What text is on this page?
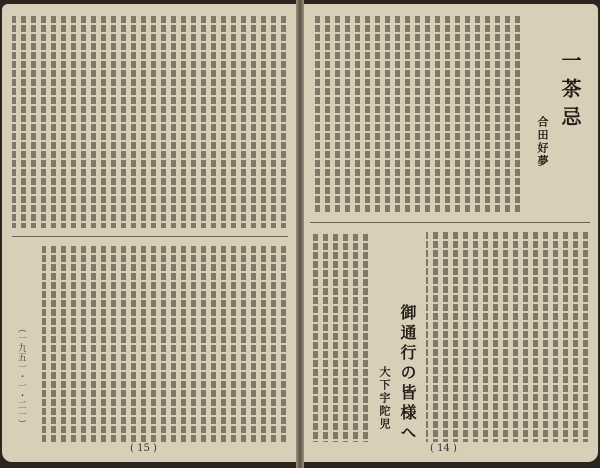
（一九五一・一・二一）
( 15 )
一茶忌
合田好夢
御通行の皆様へ
大下宇陀児
( 14 )
